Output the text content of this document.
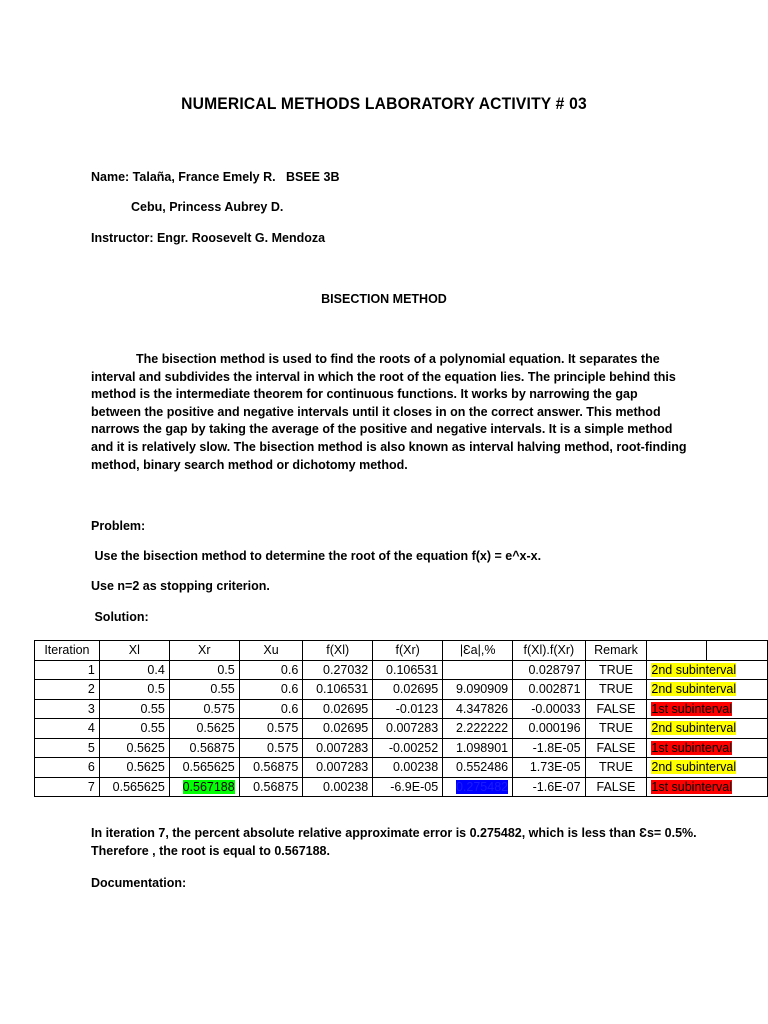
NUMERICAL METHODS LABORATORY ACTIVITY # 03
Name: Talaña, France Emely R.   BSEE 3B
Cebu, Princess Aubrey D.
Instructor: Engr. Roosevelt G. Mendoza
BISECTION METHOD
The bisection method is used to find the roots of a polynomial equation. It separates the interval and subdivides the interval in which the root of the equation lies. The principle behind this method is the intermediate theorem for continuous functions. It works by narrowing the gap between the positive and negative intervals until it closes in on the correct answer. This method narrows the gap by taking the average of the positive and negative intervals. It is a simple method and it is relatively slow. The bisection method is also known as interval halving method, root-finding method, binary search method or dichotomy method.
Problem:
Use the bisection method to determine the root of the equation f(x) = e^x-x.
Use n=2 as stopping criterion.
Solution:
Iteration	Xl	Xr	Xu	f(Xl)	f(Xr)	|Ɛa|,%	f(Xl).f(Xr)	Remark		
1	0.4	0.5	0.6	0.27032	0.106531		0.028797	TRUE	2nd subinterval	
2	0.5	0.55	0.6	0.106531	0.02695	9.090909	0.002871	TRUE	2nd subinterval	
3	0.55	0.575	0.6	0.02695	-0.0123	4.347826	-0.00033	FALSE	1st subinterval	
4	0.55	0.5625	0.575	0.02695	0.007283	2.222222	0.000196	TRUE	2nd subinterval	
5	0.5625	0.56875	0.575	0.007283	-0.00252	1.098901	-1.8E-05	FALSE	1st subinterval	
6	0.5625	0.565625	0.56875	0.007283	0.00238	0.552486	1.73E-05	TRUE	2nd subinterval	
7	0.565625	0.567188	0.56875	0.00238	-6.9E-05	0.275482	-1.6E-07	FALSE	1st subinterval	
In iteration 7, the percent absolute relative approximate error is 0.275482, which is less than Ɛs= 0.5%.
Therefore , the root is equal to 0.567188.
Documentation:
